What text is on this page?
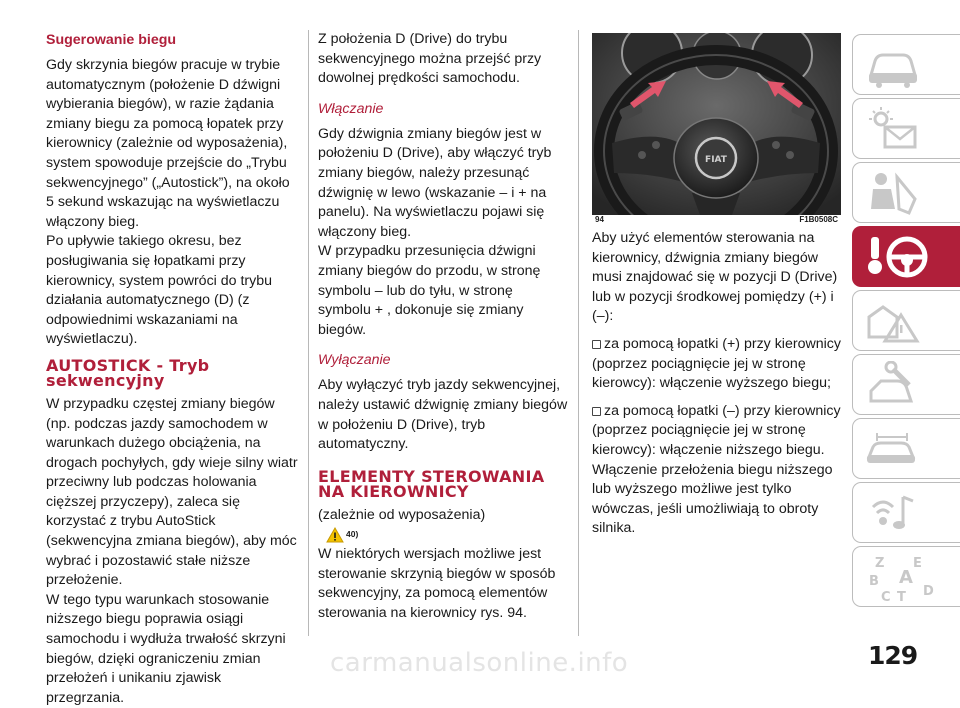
Sugerowanie biegu

Gdy skrzynia biegów pracuje w trybie automatycznym (położenie D dźwigni wybierania biegów), w razie żądania zmiany biegu za pomocą łopatek przy kierownicy (zależnie od wyposażenia), system spowoduje przejście do „Trybu sekwencyjnego” („Autostick”), na około 5 sekund wskazując na wyświetlaczu włączony bieg.

Po upływie takiego okresu, bez posługiwania się łopatkami przy kierownicy, system powróci do trybu działania automatycznego (D) (z odpowiednimi wskazaniami na wyświetlaczu).

AUTOSTICK - Tryb sekwencyjny

W przypadku częstej zmiany biegów (np. podczas jazdy samochodem w warunkach dużego obciążenia, na drogach pochyłych, gdy wieje silny wiatr przeciwny lub podczas holowania cięższej przyczepy), zaleca się korzystać z trybu AutoStick (sekwencyjna zmiana biegów), aby móc wybrać i pozostawić stałe niższe przełożenie.

W tego typu warunkach stosowanie niższego biegu poprawia osiągi samochodu i wydłuża trwałość skrzyni biegów, dzięki ograniczeniu zmian przełożeń i unikaniu zjawisk przegrzania.

Z położenia D (Drive) do trybu sekwencyjnego można przejść przy dowolnej prędkości samochodu.

Włączanie

Gdy dźwignia zmiany biegów jest w położeniu D (Drive), aby włączyć tryb zmiany biegów, należy przesunąć dźwignię w lewo (wskazanie – i + na panelu). Na wyświetlaczu pojawi się włączony bieg.

W przypadku przesunięcia dźwigni zmiany biegów do przodu, w stronę symbolu – lub do tyłu, w stronę symbolu + , dokonuje się zmiany biegów.

Wyłączanie

Aby wyłączyć tryb jazdy sekwencyjnej, należy ustawić dźwignię zmiany biegów w położeniu D (Drive), tryb automatyczny.

ELEMENTY STEROWANIA NA KIEROWNICY

(zależnie od wyposażenia)

40)

W niektórych wersjach możliwe jest sterowanie skrzynią biegów w sposób sekwencyjny, za pomocą elementów sterowania na kierownicy rys. 94.

FIAT
94	F1B0508C

Aby użyć elementów sterowania na kierownicy, dźwignia zmiany biegów musi znajdować się w pozycji D (Drive) lub w pozycji środkowej pomiędzy (+) i (–):

za pomocą łopatki (+) przy kierownicy (poprzez pociągnięcie jej w stronę kierowcy): włączenie wyższego biegu;

za pomocą łopatki (–) przy kierownicy (poprzez pociągnięcie jej w stronę kierowcy): włączenie niższego biegu.

Włączenie przełożenia biegu niższego lub wyższego możliwe jest tylko wówczas, jeśli umożliwiają to obroty silnika.

Z E
B A
C D
T
carmanualsonline.info	129
